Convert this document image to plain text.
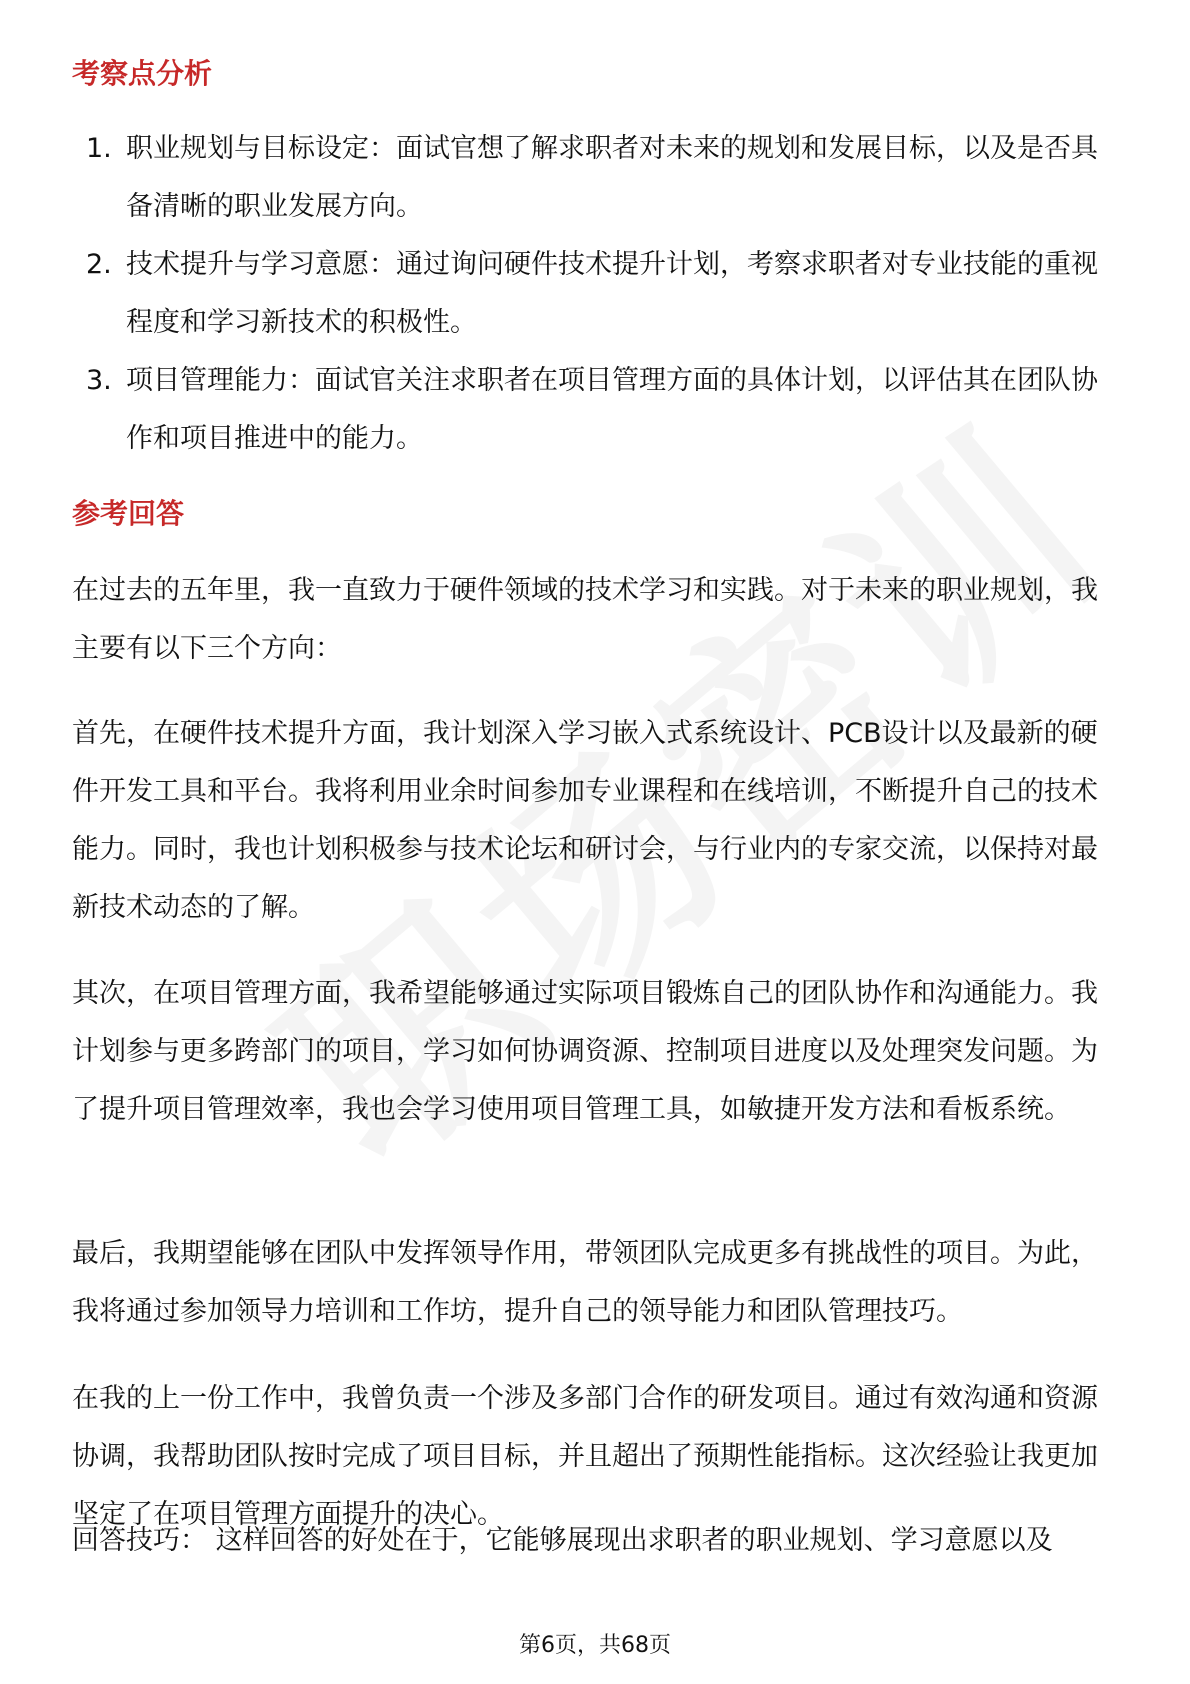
考察点分析
1. 职业规划与目标设定：面试官想了解求职者对未来的规划和发展目标，以及是否具备清晰的职业发展方向。
2. 技术提升与学习意愿：通过询问硬件技术提升计划，考察求职者对专业技能的重视程度和学习新技术的积极性。
3. 项目管理能力：面试官关注求职者在项目管理方面的具体计划，以评估其在团队协作和项目推进中的能力。
参考回答

在过去的五年里，我一直致力于硬件领域的技术学习和实践。对于未来的职业规划，我主要有以下三个方向：

首先，在硬件技术提升方面，我计划深入学习嵌入式系统设计、PCB设计以及最新的硬件开发工具和平台。我将利用业余时间参加专业课程和在线培训，不断提升自己的技术能力。同时，我也计划积极参与技术论坛和研讨会，与行业内的专家交流，以保持对最新技术动态的了解。

其次，在项目管理方面，我希望能够通过实际项目锻炼自己的团队协作和沟通能力。我计划参与更多跨部门的项目，学习如何协调资源、控制项目进度以及处理突发问题。为了提升项目管理效率，我也会学习使用项目管理工具，如敏捷开发方法和看板系统。

最后，我期望能够在团队中发挥领导作用，带领团队完成更多有挑战性的项目。为此，我将通过参加领导力培训和工作坊，提升自己的领导能力和团队管理技巧。

在我的上一份工作中，我曾负责一个涉及多部门合作的研发项目。通过有效沟通和资源协调，我帮助团队按时完成了项目目标，并且超出了预期性能指标。这次经验让我更加坚定了在项目管理方面提升的决心。

回答技巧： 这样回答的好处在于，它能够展现出求职者的职业规划、学习意愿以及

第6页，共68页
